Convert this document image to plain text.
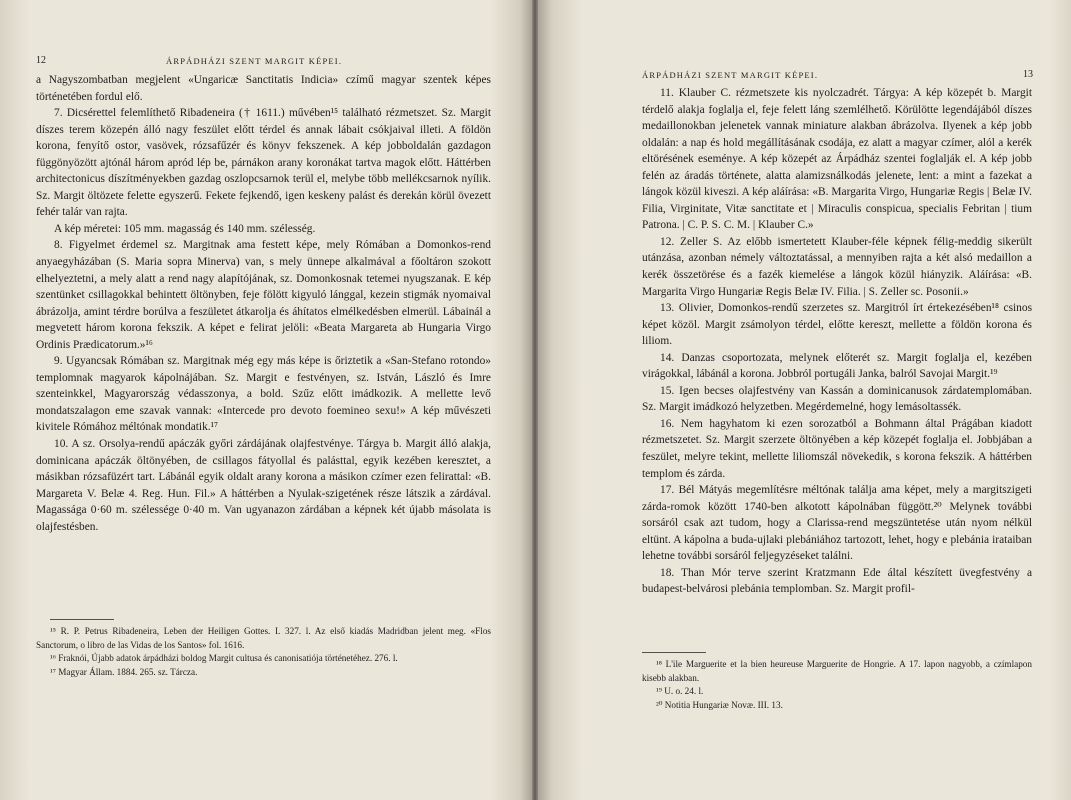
12	ÁRPÁDHÁZI SZENT MARGIT KÉPEI.

a Nagyszombatban megjelent «Ungaricæ Sanctitatis Indicia» czímű magyar szentek képes történetében fordul elő.

7. Dicsérettel felemlíthető Ribadeneira († 1611.) művében¹⁵ található rézmetszet. Sz. Margit díszes terem közepén álló nagy feszület előtt térdel és annak lábait csókjaival illeti. A földön korona, fenyítő ostor, vasövek, rózsafűzér és könyv fekszenek. A kép jobboldalán gazdagon függönyözött ajtónál három apród lép be, párnákon arany koronákat tartva magok előtt. Háttérben architectonicus díszítményekben gazdag oszlopcsarnok terül el, melybe több mellékcsarnok nyílik. Sz. Margit öltözete felette egyszerű. Fekete fejkendő, igen keskeny palást és derekán körül övezett fehér talár van rajta.

A kép méretei: 105 mm. magasság és 140 mm. szélesség.

8. Figyelmet érdemel sz. Margitnak ama festett képe, mely Rómában a Domonkos-rend anyaegyházában (S. Maria sopra Minerva) van, s mely ünnepe alkalmával a főoltáron szokott elhelyeztetni, a mely alatt a rend nagy alapítójának, sz. Domonkosnak tetemei nyugszanak. E kép szentünket csillagokkal behintett öltönyben, feje fölött kigyuló lánggal, kezein stigmák nyomaival ábrázolja, amint térdre borúlva a feszületet átkarolja és áhítatos elmélkedésben elmerül. Lábainál a megvetett három korona fekszik. A képet e felirat jelöli: «Beata Margareta ab Hungaria Virgo Ordinis Prædicatorum.»¹⁶

9. Ugyancsak Rómában sz. Margitnak még egy más képe is őriztetik a «San-Stefano rotondo» templomnak magyarok kápolnájában. Sz. Margit e festvényen, sz. István, László és Imre szenteinkkel, Magyarország védasszonya, a bold. Szűz előtt imádkozik. A mellette levő mondatszalagon eme szavak vannak: «Intercede pro devoto foemineo sexu!» A kép művészeti kivitele Rómához méltónak mondatik.¹⁷

10. A sz. Orsolya-rendű apáczák győri zárdájának olajfestvénye. Tárgya b. Margit álló alakja, dominicana apáczák öltönyében, de csillagos fátyollal és palásttal, egyik kezében keresztet, a másikban rózsafüzért tart. Lábánál egyik oldalt arany korona a másikon czímer ezen felirattal: «B. Margareta V. Belæ 4. Reg. Hun. Fil.» A háttérben a Nyulak-szigetének része látszik a zárdával. Magassága 0·60 m. szélessége 0·40 m. Van ugyanazon zárdában a képnek két újabb másolata is olajfestésben.

¹⁵ R. P. Petrus Ribadeneira, Leben der Heiligen Gottes. I. 327. l. Az első kiadás Madridban jelent meg. «Flos Sanctorum, o libro de las Vidas de los Santos» fol. 1616.

¹⁶ Fraknói, Újabb adatok árpádházi boldog Margit cultusa és canonisatiója történetéhez. 276. l.

¹⁷ Magyar Állam. 1884. 265. sz. Tárcza.

ÁRPÁDHÁZI SZENT MARGIT KÉPEI.	13

11. Klauber C. rézmetszete kis nyolczadrét. Tárgya: A kép közepét b. Margit térdelő alakja foglalja el, feje felett láng szemlélhető. Körülötte legendájából díszes medaillonokban jelenetek vannak miniature alakban ábrázolva. Ilyenek a kép jobb oldalán: a nap és hold megállításának csodája, ez alatt a magyar czímer, alól a kerék eltörésének eseménye. A kép közepét az Árpádház szentei foglalják el. A kép jobb felén az áradás története, alatta alamizsnálkodás jelenete, lent: a mint a fazekat a lángok közül kiveszi. A kép aláírása: «B. Margarita Virgo, Hungariæ Regis | Belæ IV. Filia, Virginitate, Vitæ sanctitate et | Miraculis conspicua, specialis Febritan | tium Patrona. | C. P. S. C. M. | Klauber C.»

12. Zeller S. Az előbb ismertetett Klauber-féle képnek félig-meddig sikerült utánzása, azonban némely változtatással, a mennyiben rajta a két alsó medaillon a kerék összetörése és a fazék kiemelése a lángok közül hiányzik. Aláírása: «B. Margarita Virgo Hungariæ Regis Belæ IV. Filia. | S. Zeller sc. Posonii.»

13. Olivier, Domonkos-rendű szerzetes sz. Margitról írt értekezésében¹⁸ csinos képet közöl. Margit zsámolyon térdel, előtte kereszt, mellette a földön korona és liliom.

14. Danzas csoportozata, melynek előterét sz. Margit foglalja el, kezében virágokkal, lábánál a korona. Jobbról portugáli Janka, balról Savojai Margit.¹⁹

15. Igen becses olajfestvény van Kassán a dominicanusok zárdatemplomában. Sz. Margit imádkozó helyzetben. Megérdemelné, hogy lemásoltassék.

16. Nem hagyhatom ki ezen sorozatból a Bohmann által Prágában kiadott rézmetszetet. Sz. Margit szerzete öltönyében a kép közepét foglalja el. Jobbjában a feszület, melyre tekint, mellette liliomszál növekedik, s korona fekszik. A háttérben templom és zárda.

17. Bél Mátyás megemlítésre méltónak találja ama képet, mely a margitszigeti zárda-romok között 1740-ben alkotott kápolnában függött.²⁰ Melynek további sorsáról csak azt tudom, hogy a Clarissa-rend megszüntetése után nyom nélkül eltünt. A kápolna a buda-ujlaki plebániához tartozott, lehet, hogy e plebánia irataiban lehetne további sorsáról feljegyzéseket találni.

18. Than Mór terve szerint Kratzmann Ede által készített üvegfestvény a budapest-belvárosi plebánia templomban. Sz. Margit profil-

¹⁸ L'ile Marguerite et la bien heureuse Marguerite de Hongrie. A 17. lapon nagyobb, a czímlapon kisebb alakban.

¹⁹ U. o. 24. l.

²⁰ Notitia Hungariæ Novæ. III. 13.
